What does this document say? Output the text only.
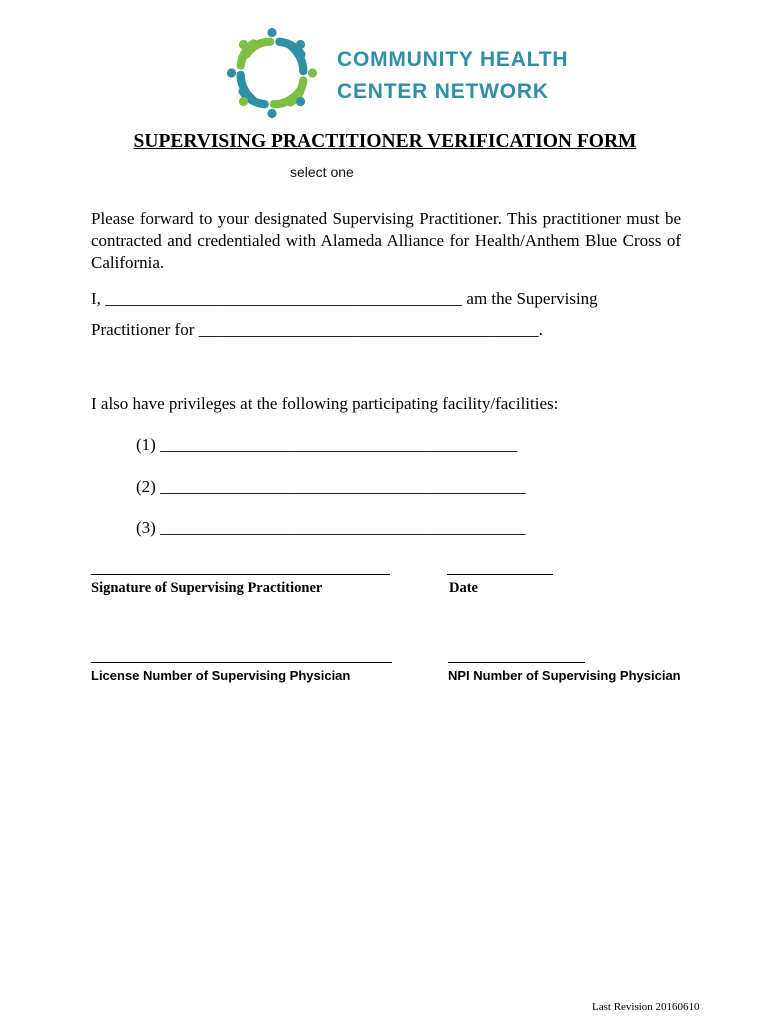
COMMUNITY HEALTH
CENTER NETWORK
SUPERVISING PRACTITIONER VERIFICATION FORM
select one
Please forward to your designated Supervising Practitioner. This practitioner must be contracted and credentialed with Alameda Alliance for Health/Anthem Blue Cross of California.
I, __________________________________________ am the Supervising
Practitioner for ________________________________________.
I also have privileges at the following participating facility/facilities:
(1) __________________________________________
(2) ___________________________________________
(3) ___________________________________________
Signature of Supervising Practitioner	Date
License Number of Supervising Physician	NPI Number of Supervising Physician
Last Revision 20160610
